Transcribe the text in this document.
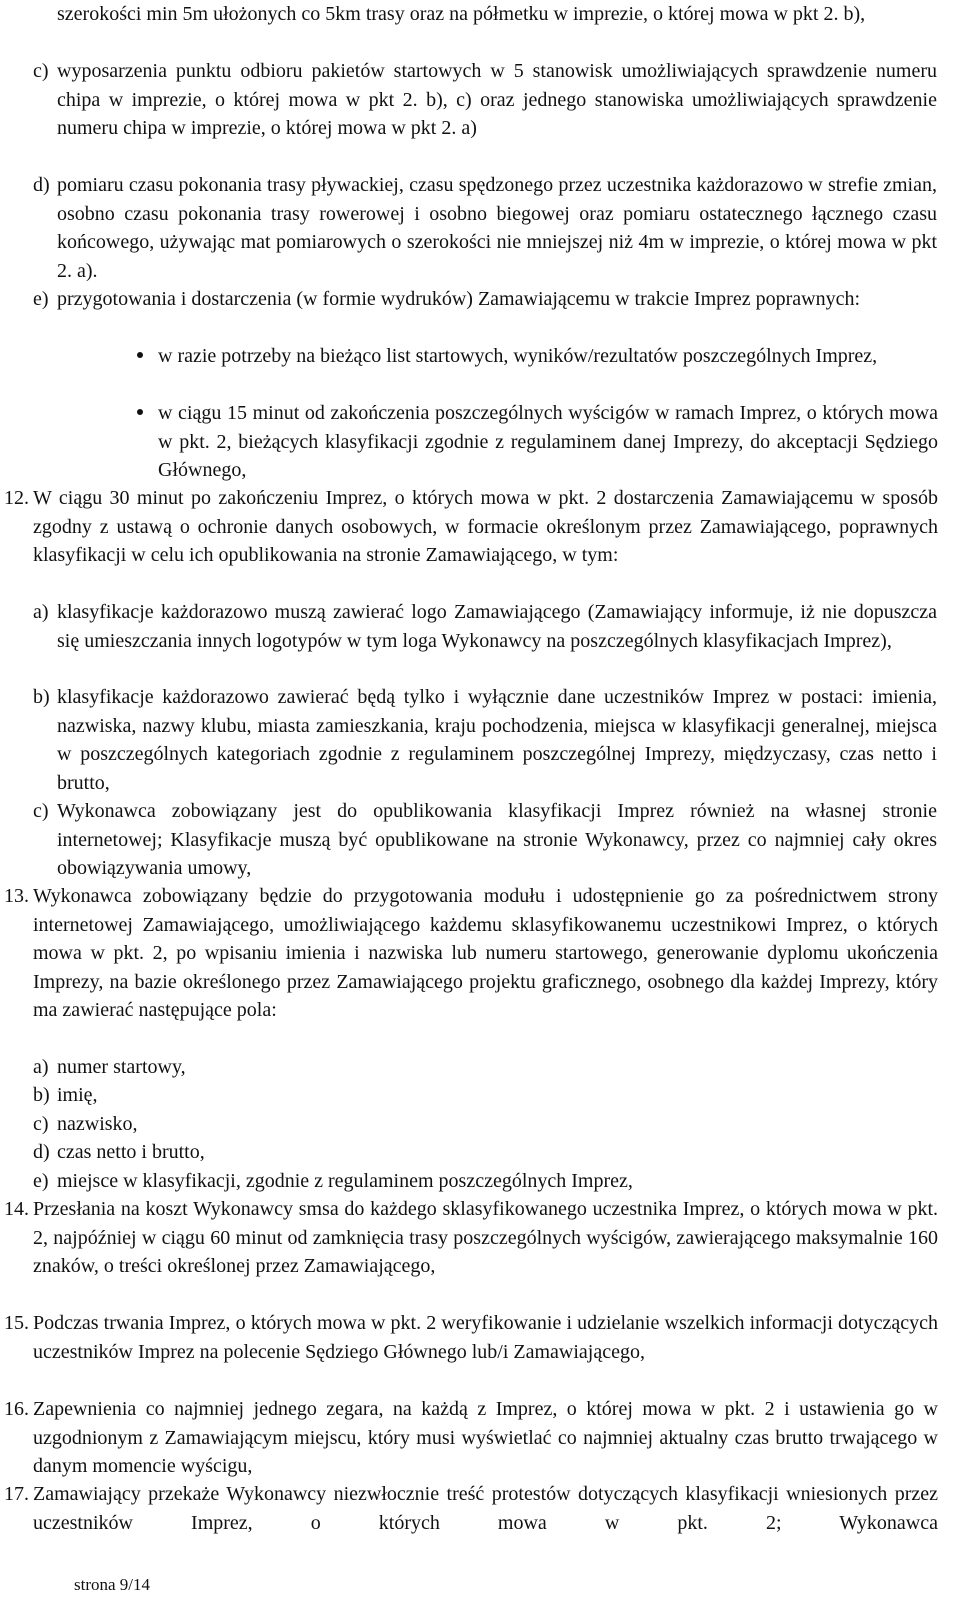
szerokości min 5m ułożonych co 5km trasy oraz na półmetku w imprezie, o której mowa w pkt 2. b),
c) wyposarzenia punktu odbioru pakietów startowych w 5 stanowisk umożliwiających sprawdzenie numeru chipa w imprezie, o której mowa w pkt 2. b), c) oraz jednego stanowiska umożliwiających sprawdzenie numeru chipa w imprezie, o której mowa w pkt 2. a)
d) pomiaru czasu pokonania trasy pływackiej, czasu spędzonego przez uczestnika każdorazowo w strefie zmian, osobno czasu pokonania trasy rowerowej i osobno biegowej oraz pomiaru ostatecznego łącznego czasu końcowego, używając mat pomiarowych o szerokości nie mniejszej niż 4m w imprezie, o której mowa w pkt 2. a).
e) przygotowania i dostarczenia (w formie wydruków) Zamawiającemu w trakcie Imprez poprawnych:
w razie potrzeby na bieżąco list startowych, wyników/rezultatów poszczególnych Imprez,
w ciągu 15 minut od zakończenia poszczególnych wyścigów w ramach Imprez, o których mowa w pkt. 2, bieżących klasyfikacji zgodnie z regulaminem danej Imprezy, do akceptacji Sędziego Głównego,
12. W ciągu 30 minut po zakończeniu Imprez, o których mowa w pkt. 2 dostarczenia Zamawiającemu w sposób zgodny z ustawą o ochronie danych osobowych, w formacie określonym przez Zamawiającego, poprawnych klasyfikacji w celu ich opublikowania na stronie Zamawiającego, w tym:
a) klasyfikacje każdorazowo muszą zawierać logo Zamawiającego (Zamawiający informuje, iż nie dopuszcza się umieszczania innych logotypów w tym loga Wykonawcy na poszczególnych klasyfikacjach Imprez),
b) klasyfikacje każdorazowo zawierać będą tylko i wyłącznie dane uczestników Imprez w postaci: imienia, nazwiska, nazwy klubu, miasta zamieszkania, kraju pochodzenia, miejsca w klasyfikacji generalnej, miejsca w poszczególnych kategoriach zgodnie z regulaminem poszczególnej Imprezy, międzyczasy, czas netto i brutto,
c) Wykonawca zobowiązany jest do opublikowania klasyfikacji Imprez również na własnej stronie internetowej; Klasyfikacje muszą być opublikowane na stronie Wykonawcy, przez co najmniej cały okres obowiązywania umowy,
13. Wykonawca zobowiązany będzie do przygotowania modułu i udostępnienie go za pośrednictwem strony internetowej Zamawiającego, umożliwiającego każdemu sklasyfikowanemu uczestnikowi Imprez, o których mowa w pkt. 2, po wpisaniu imienia i nazwiska lub numeru startowego, generowanie dyplomu ukończenia Imprezy, na bazie określonego przez Zamawiającego projektu graficznego, osobnego dla każdej Imprezy, który ma zawierać następujące pola:
a) numer startowy,
b) imię,
c) nazwisko,
d) czas netto i brutto,
e) miejsce w klasyfikacji, zgodnie z regulaminem poszczególnych Imprez,
14. Przesłania na koszt Wykonawcy smsa do każdego sklasyfikowanego uczestnika Imprez, o których mowa w pkt. 2, najpóźniej w ciągu 60 minut od zamknięcia trasy poszczególnych wyścigów, zawierającego maksymalnie 160 znaków, o treści określonej przez Zamawiającego,
15. Podczas trwania Imprez, o których mowa w pkt. 2 weryfikowanie i udzielanie wszelkich informacji dotyczących uczestników Imprez na polecenie Sędziego Głównego lub/i Zamawiającego,
16. Zapewnienia co najmniej jednego zegara, na każdą z Imprez, o której mowa w pkt. 2 i ustawienia go w uzgodnionym z Zamawiającym miejscu, który musi wyświetlać co najmniej aktualny czas brutto trwającego w danym momencie wyścigu,
17. Zamawiający przekaże Wykonawcy niezwłocznie treść protestów dotyczących klasyfikacji wniesionych przez uczestników Imprez, o których mowa w pkt. 2; Wykonawca
strona 9/14
